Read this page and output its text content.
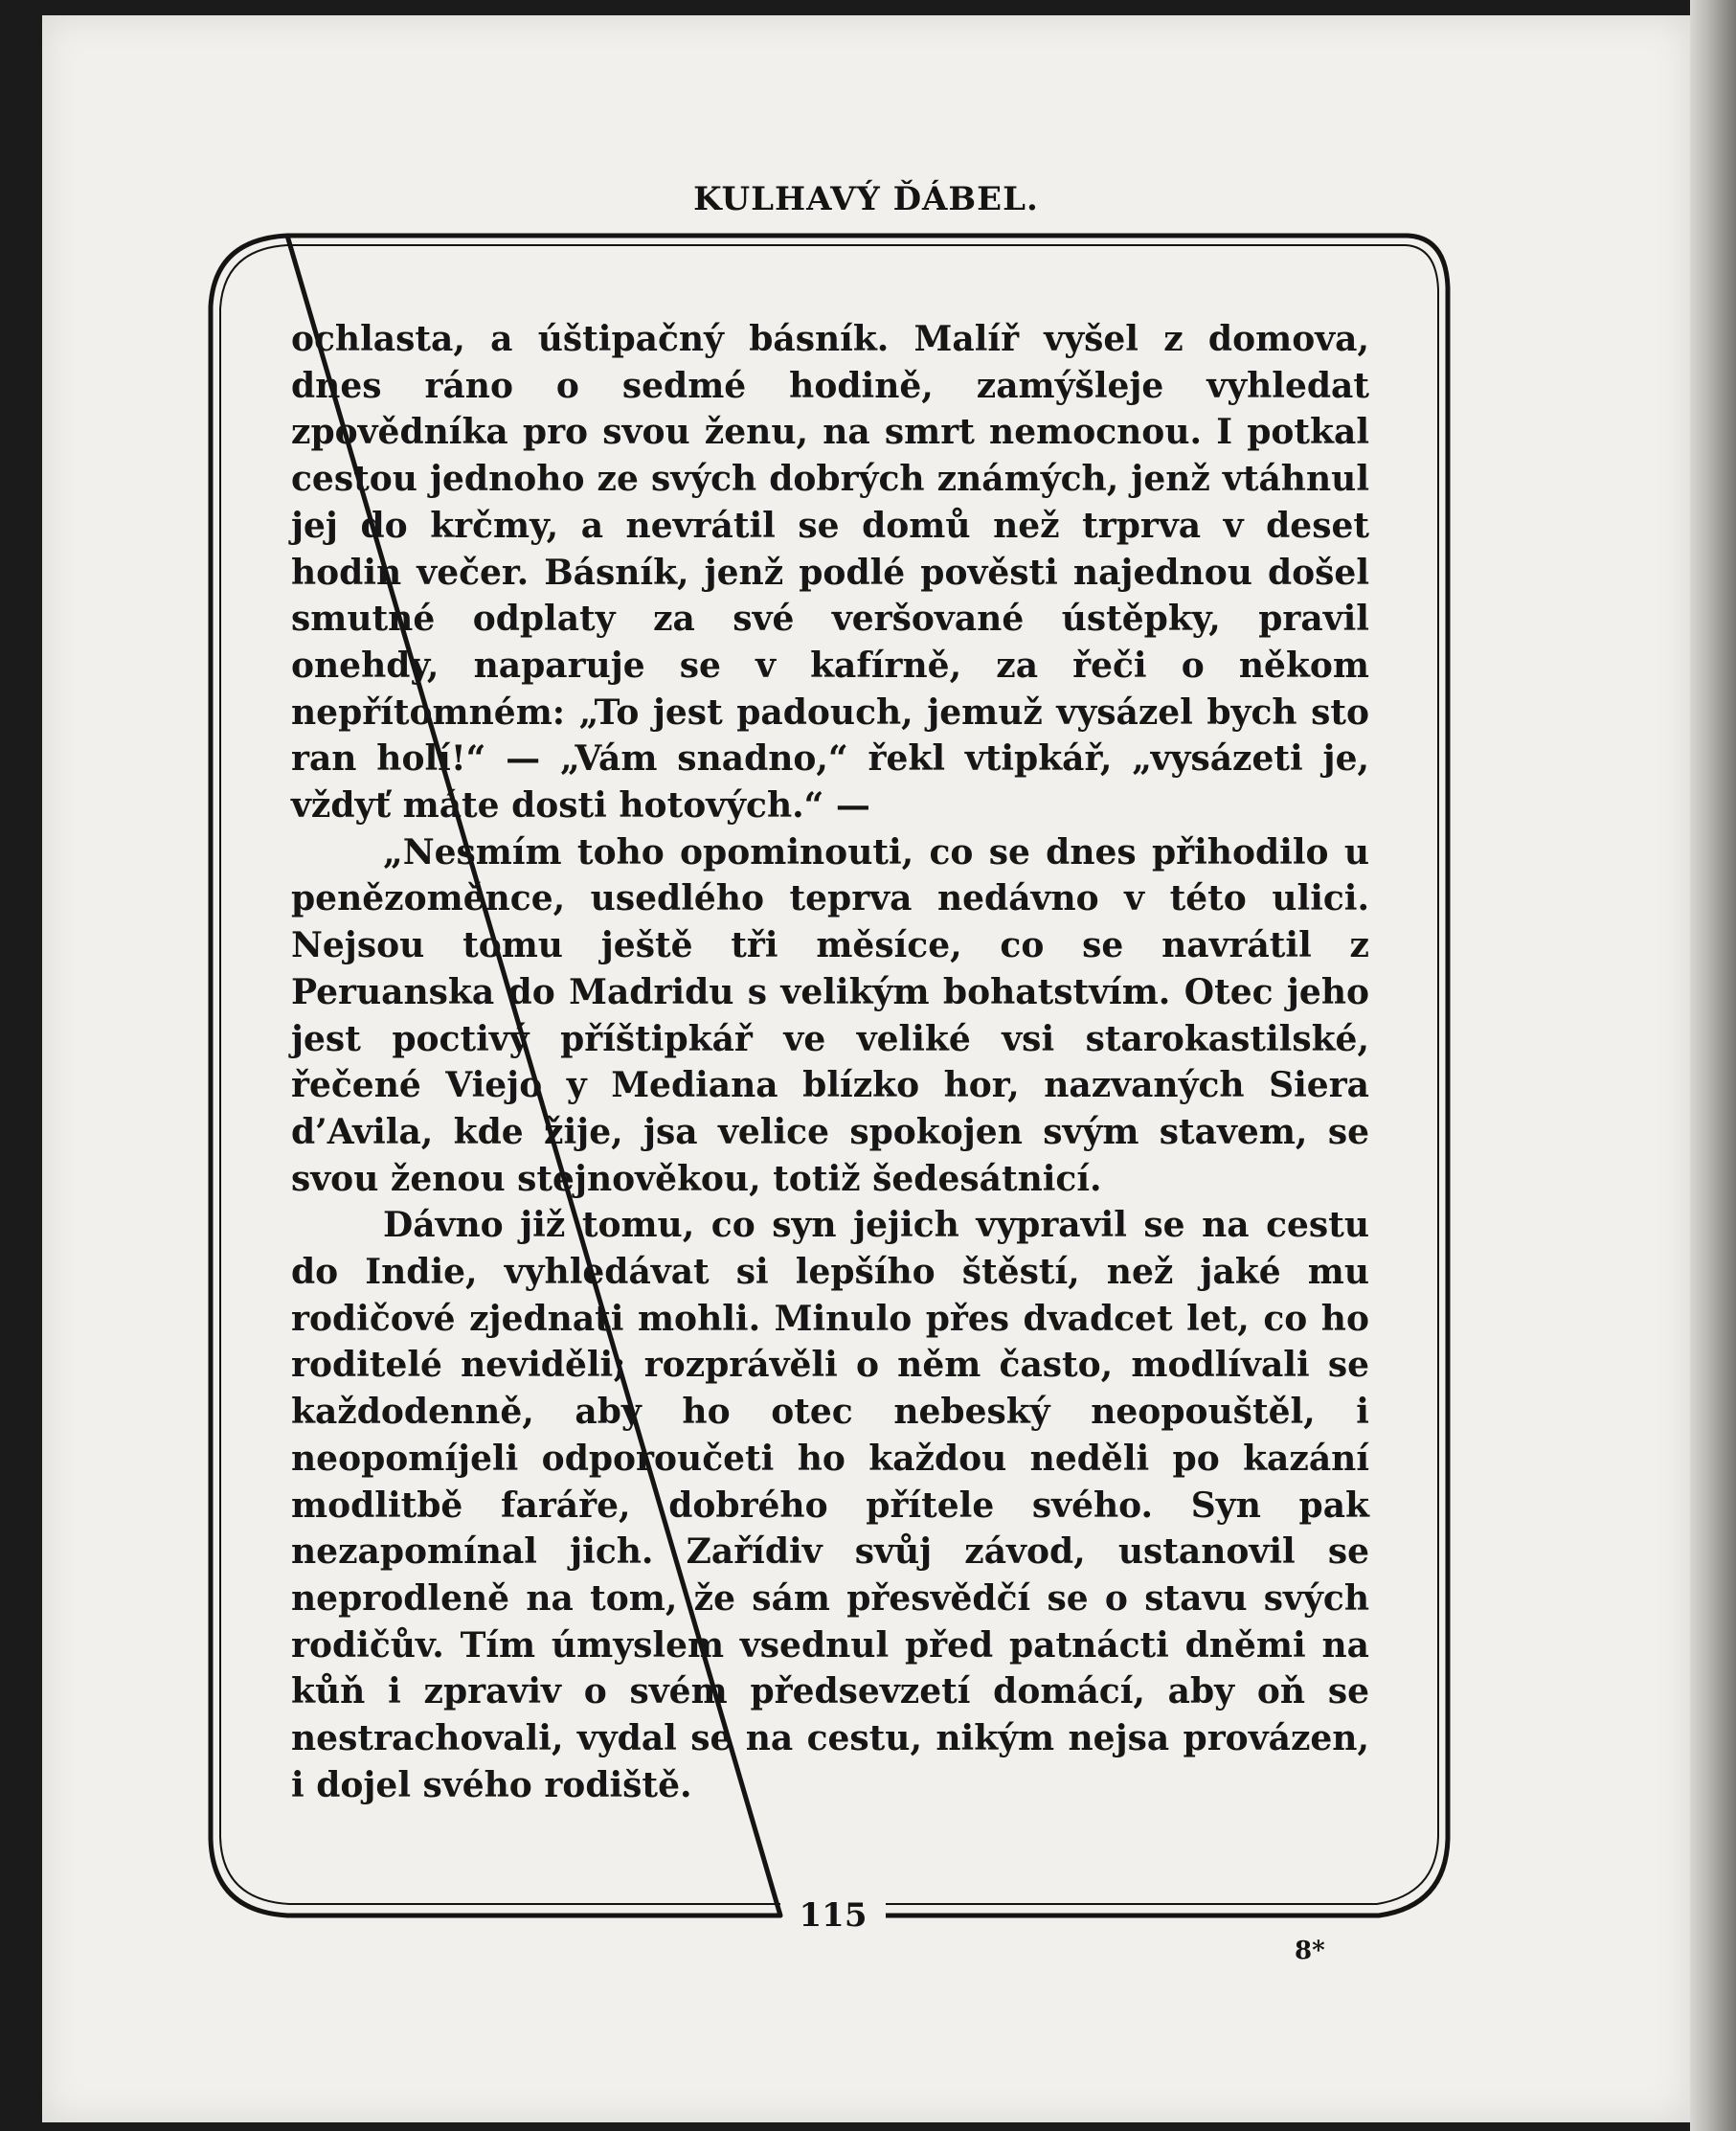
KULHAVÝ ĎÁBEL.

ochlasta, a úštipačný básník. Malíř vyšel z domova, dnes ráno o sedmé hodině, zamýšleje vyhledat zpovědníka pro svou ženu, na smrt nemocnou. I potkal cestou jednoho ze svých dobrých známých, jenž vtáhnul jej do krčmy, a nevrátil se domů než trprva v deset hodin večer. Básník, jenž podlé pověsti najednou došel smutné odplaty za své veršované ústěpky, pravil onehdy, naparuje se v kafírně, za řeči o někom nepřítomném: „To jest padouch, jemuž vysázel bych sto ran holí!“ — „Vám snadno,“ řekl vtipkář, „vysázeti je, vždyť máte dosti hotových.“ —

„Nesmím toho opominouti, co se dnes přihodilo u penězoměnce, usedlého teprva nedávno v této ulici. Nejsou tomu ještě tři měsíce, co se navrátil z Peruanska do Madridu s velikým bohatstvím. Otec jeho jest poctivý příštipkář ve veliké vsi starokastilské, řečené Viejo y Mediana blízko hor, nazvaných Siera d’Avila, kde žije, jsa velice spokojen svým stavem, se svou ženou stejnověkou, totiž šedesátnicí.

Dávno již tomu, co syn jejich vypravil se na cestu do Indie, vyhledávat si lepšího štěstí, než jaké mu rodičové zjednati mohli. Minulo přes dvadcet let, co ho roditelé neviděli; rozprávěli o něm často, modlívali se každodenně, aby ho otec nebeský neopouštěl, i neopomíjeli odporoučeti ho každou neděli po kazání modlitbě faráře, dobrého přítele svého. Syn pak nezapomínal jich. Zařídiv svůj závod, ustanovil se neprodleně na tom, že sám přesvědčí se o stavu svých rodičův. Tím úmyslem vsednul před patnácti dněmi na kůň i zpraviv o svém předsevzetí domácí, aby oň se nestrachovali, vydal se na cestu, nikým nejsa provázen, i dojel svého rodiště.

115
8*
